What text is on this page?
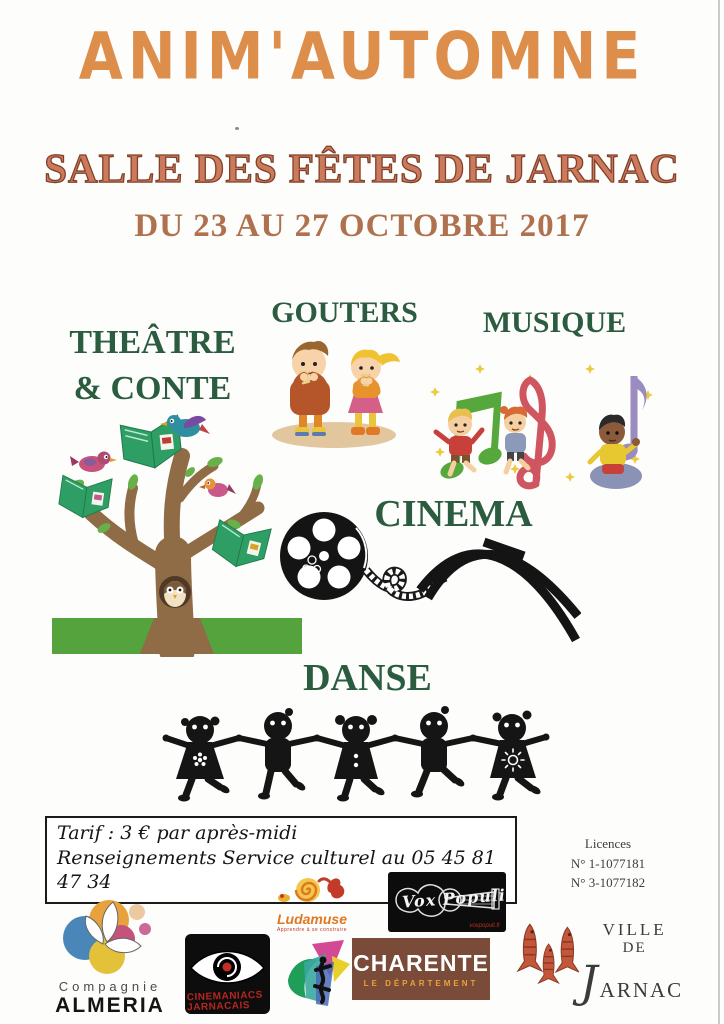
ANIM'AUTOMNE
SALLE DES FÊTES DE JARNAC
DU 23 AU 27 OCTOBRE 2017
THEÂTRE
& CONTE
GOUTERS	MUSIQUE
CINEMA
DANSE
Tarif : 3 € par après-midi
Renseignements Service culturel au 05 45 81 47 34
Licences
N° 1-1077181
N° 3-1077182
Compagnie
ALMERIA	CINEMANIACS
JARNACAIS
Ludamuse
Apprendre à se construire
Vox Populi
voxpopuli.fr
CHARENTE
LE DÉPARTEMENT
VILLE
DE
JARNAC
